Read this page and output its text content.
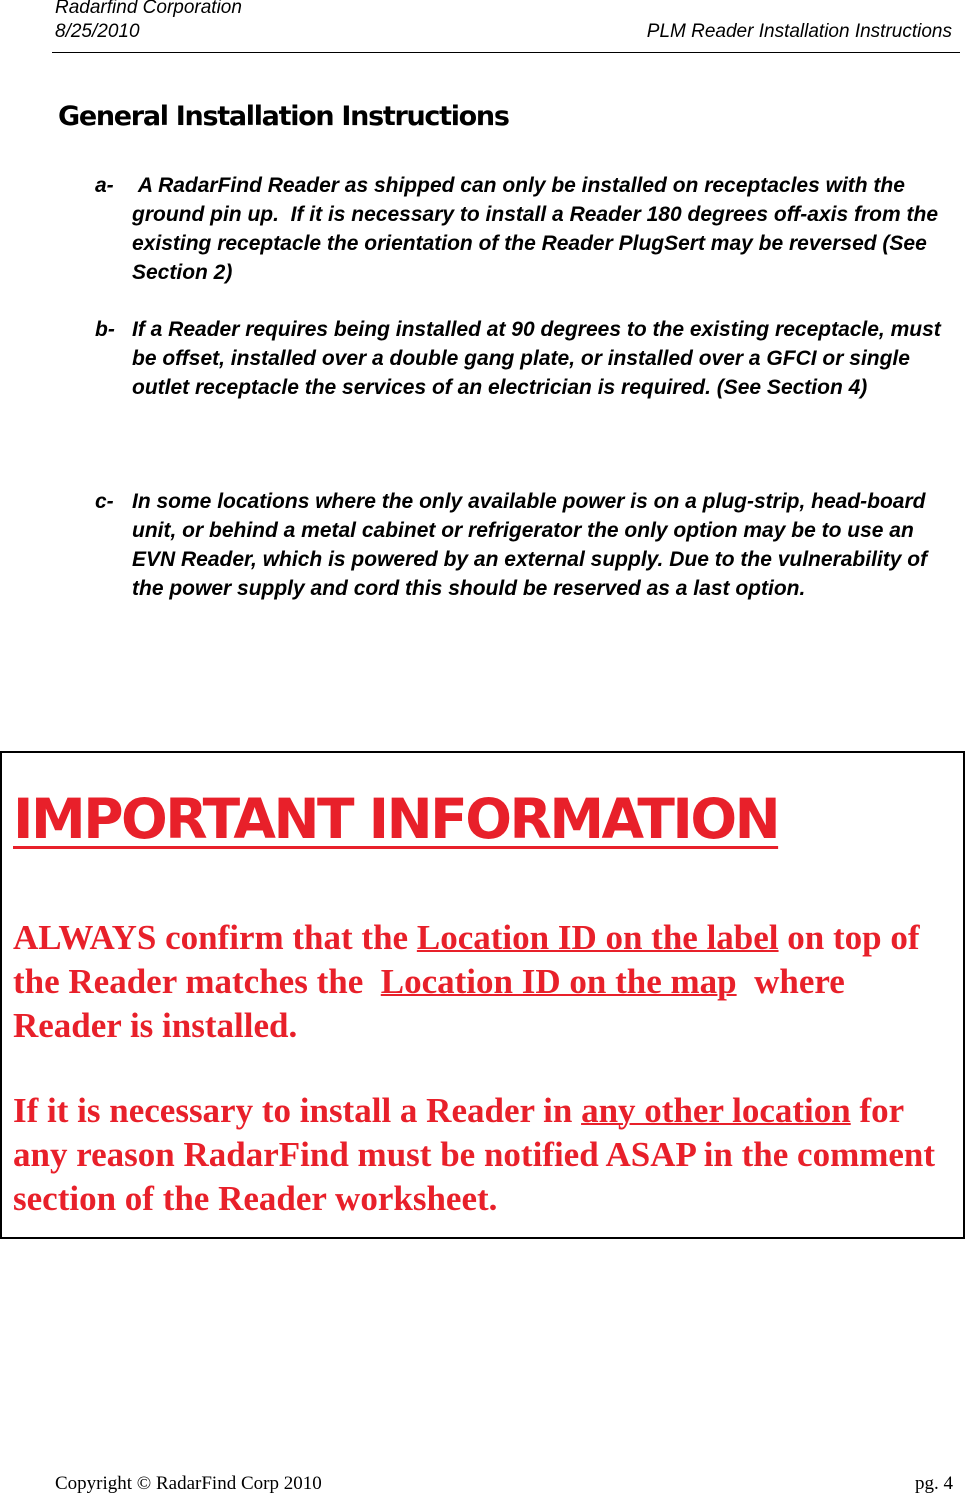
Radarfind Corporation
8/25/2010	PLM Reader Installation Instructions
General Installation Instructions
a- A RadarFind Reader as shipped can only be installed on receptacles with the ground pin up.  If it is necessary to install a Reader 180 degrees off-axis from the existing receptacle the orientation of the Reader PlugSert may be reversed (See Section 2)
b- If a Reader requires being installed at 90 degrees to the existing receptacle, must be offset, installed over a double gang plate, or installed over a GFCI or single outlet receptacle the services of an electrician is required. (See Section 4)
c- In some locations where the only available power is on a plug-strip, head-board unit, or behind a metal cabinet or refrigerator the only option may be to use an EVN Reader, which is powered by an external supply. Due to the vulnerability of the power supply and cord this should be reserved as a last option.
IMPORTANT INFORMATION
ALWAYS confirm that the Location ID on the label on top of the Reader matches the  Location ID on the map  where Reader is installed.
If it is necessary to install a Reader in any other location for any reason RadarFind must be notified ASAP in the comment section of the Reader worksheet.
Copyright © RadarFind Corp 2010	pg. 4
